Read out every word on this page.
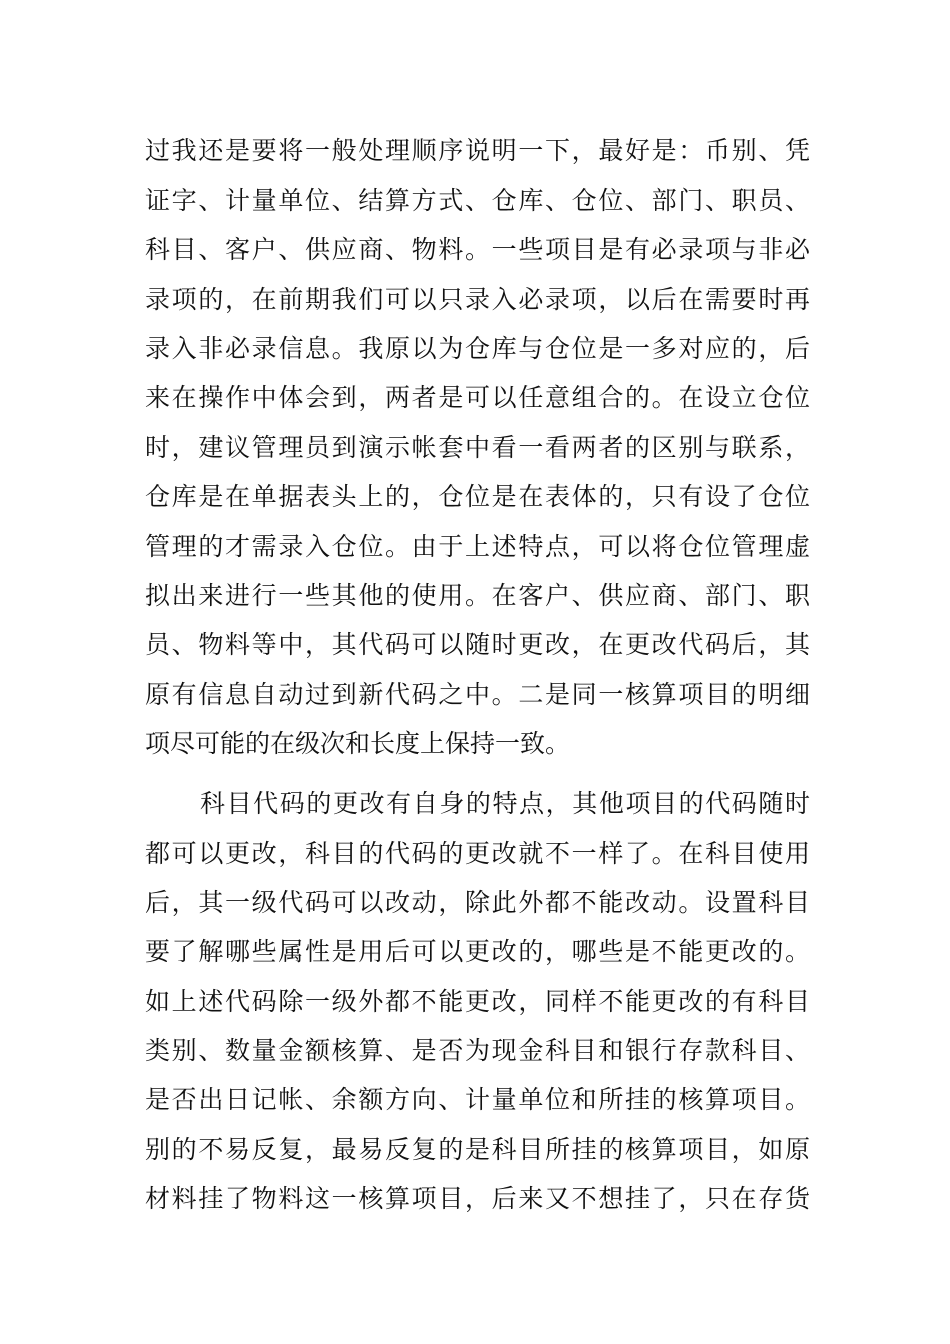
过我还是要将一般处理顺序说明一下，最好是：币别、凭
证字、计量单位、结算方式、仓库、仓位、部门、职员、
科目、客户、供应商、物料。一些项目是有必录项与非必
录项的，在前期我们可以只录入必录项，以后在需要时再
录入非必录信息。我原以为仓库与仓位是一多对应的，后
来在操作中体会到，两者是可以任意组合的。在设立仓位
时，建议管理员到演示帐套中看一看两者的区别与联系，
仓库是在单据表头上的，仓位是在表体的，只有设了仓位
管理的才需录入仓位。由于上述特点，可以将仓位管理虚
拟出来进行一些其他的使用。在客户、供应商、部门、职
员、物料等中，其代码可以随时更改，在更改代码后，其
原有信息自动过到新代码之中。二是同一核算项目的明细
项尽可能的在级次和长度上保持一致。
科目代码的更改有自身的特点，其他项目的代码随时
都可以更改，科目的代码的更改就不一样了。在科目使用
后，其一级代码可以改动，除此外都不能改动。设置科目
要了解哪些属性是用后可以更改的，哪些是不能更改的。
如上述代码除一级外都不能更改，同样不能更改的有科目
类别、数量金额核算、是否为现金科目和银行存款科目、
是否出日记帐、余额方向、计量单位和所挂的核算项目。
别的不易反复，最易反复的是科目所挂的核算项目，如原
材料挂了物料这一核算项目，后来又不想挂了，只在存货
